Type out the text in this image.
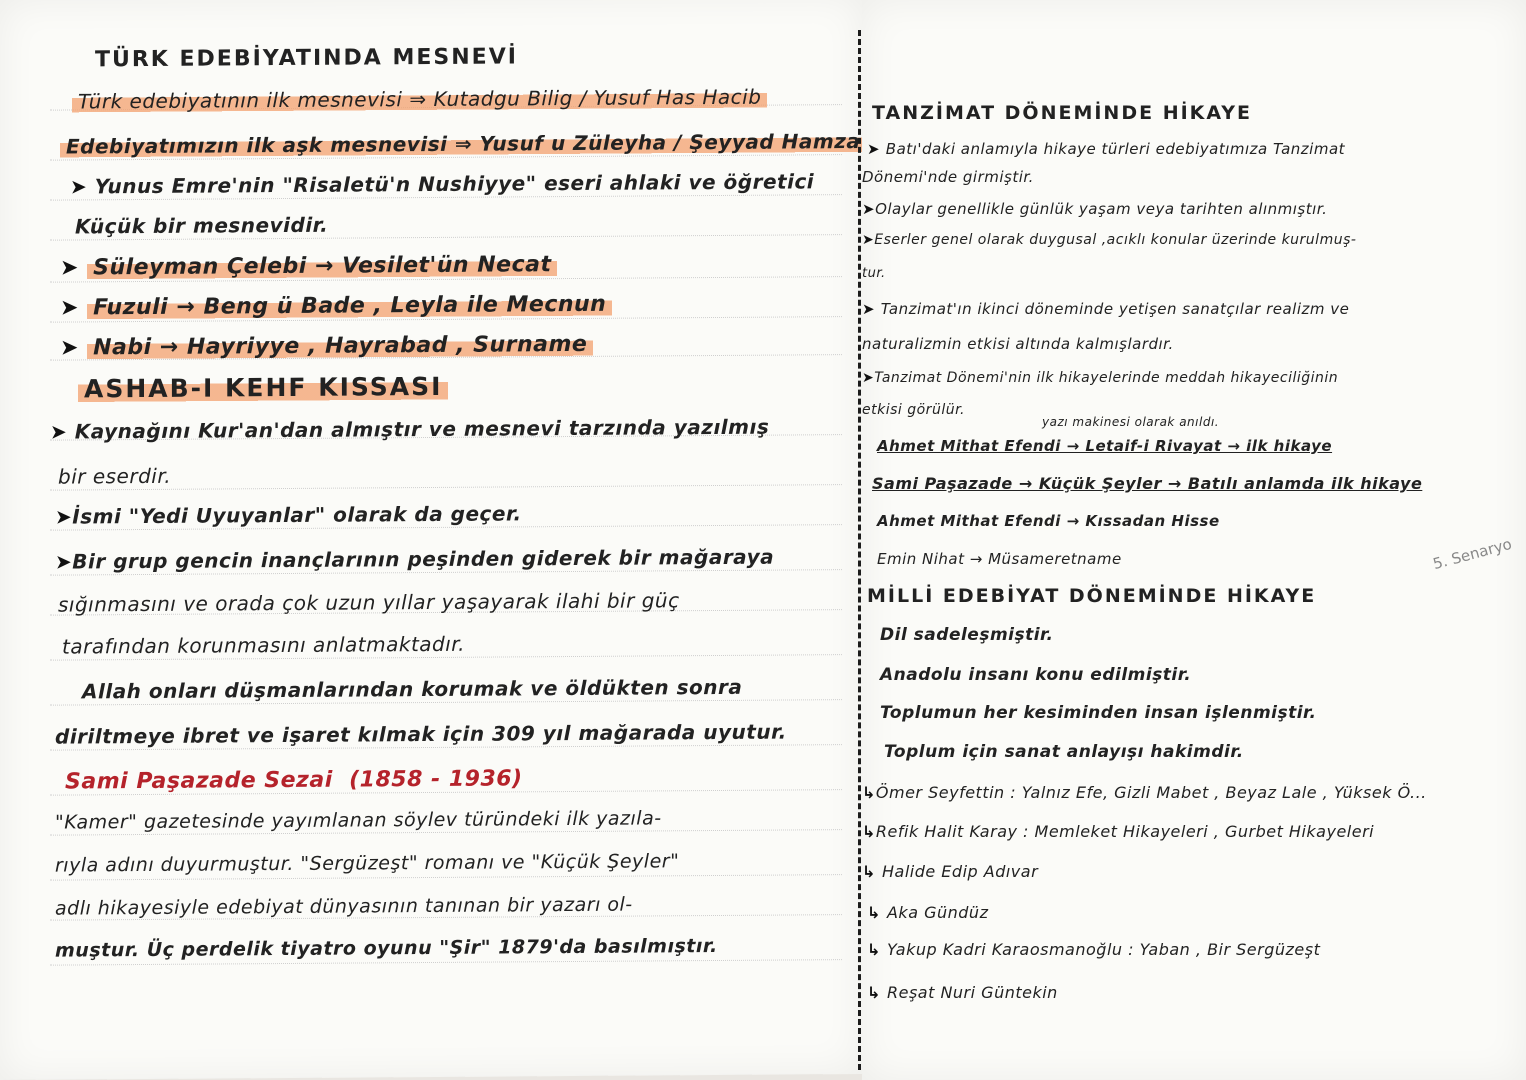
TÜRK EDEBİYATINDA MESNEVİ
Türk edebiyatının ilk mesnevisi ⇒ Kutadgu Bilig / Yusuf Has Hacib
Edebiyatımızın ilk aşk mesnevisi ⇒ Yusuf u Züleyha / Şeyyad Hamza
➤ Yunus Emre'nin "Risaletü'n Nushiyye" eseri ahlaki ve öğretici
Küçük bir mesnevidir.
➤ Süleyman Çelebi → Vesilet'ün Necat
➤ Fuzuli → Beng ü Bade , Leyla ile Mecnun
➤ Nabi → Hayriyye , Hayrabad , Surname
ASHAB-I KEHF KISSASI
➤ Kaynağını Kur'an'dan almıştır ve mesnevi tarzında yazılmış
bir eserdir.
➤İsmi "Yedi Uyuyanlar" olarak da geçer.
➤Bir grup gencin inançlarının peşinden giderek bir mağaraya
sığınmasını ve orada çok uzun yıllar yaşayarak ilahi bir güç
tarafından korunmasını anlatmaktadır.
Allah onları düşmanlarından korumak ve öldükten sonra
diriltmeye ibret ve işaret kılmak için 309 yıl mağarada uyutur.
Sami Paşazade Sezai (1858 - 1936)
"Kamer" gazetesinde yayımlanan söylev türündeki ilk yazıla-
rıyla adını duyurmuştur. "Sergüzeşt" romanı ve "Küçük Şeyler"
adlı hikayesiyle edebiyat dünyasının tanınan bir yazarı ol-
muştur. Üç perdelik tiyatro oyunu "Şir" 1879'da basılmıştır.
TANZİMAT DÖNEMİNDE HİKAYE
➤ Batı'daki anlamıyla hikaye türleri edebiyatımıza Tanzimat
Dönemi'nde girmiştir.
➤Olaylar genellikle günlük yaşam veya tarihten alınmıştır.
➤Eserler genel olarak duygusal ,acıklı konular üzerinde kurulmuş-
tur.
➤ Tanzimat'ın ikinci döneminde yetişen sanatçılar realizm ve
naturalizmin etkisi altında kalmışlardır.
➤Tanzimat Dönemi'nin ilk hikayelerinde meddah hikayeciliğinin
etkisi görülür.
yazı makinesi olarak anıldı.
Ahmet Mithat Efendi → Letaif-i Rivayat → ilk hikaye
Sami Paşazade → Küçük Şeyler → Batılı anlamda ilk hikaye
Ahmet Mithat Efendi → Kıssadan Hisse
Emin Nihat → Müsameretname	5. Senaryo
MİLLİ EDEBİYAT DÖNEMİNDE HİKAYE
Dil sadeleşmiştir.
Anadolu insanı konu edilmiştir.
Toplumun her kesiminden insan işlenmiştir.
Toplum için sanat anlayışı hakimdir.
↳Ömer Seyfettin : Yalnız Efe, Gizli Mabet , Beyaz Lale , Yüksek Ö...
↳Refik Halit Karay : Memleket Hikayeleri , Gurbet Hikayeleri
↳ Halide Edip Adıvar
↳ Aka Gündüz
↳ Yakup Kadri Karaosmanoğlu : Yaban , Bir Sergüzeşt
↳ Reşat Nuri Güntekin
